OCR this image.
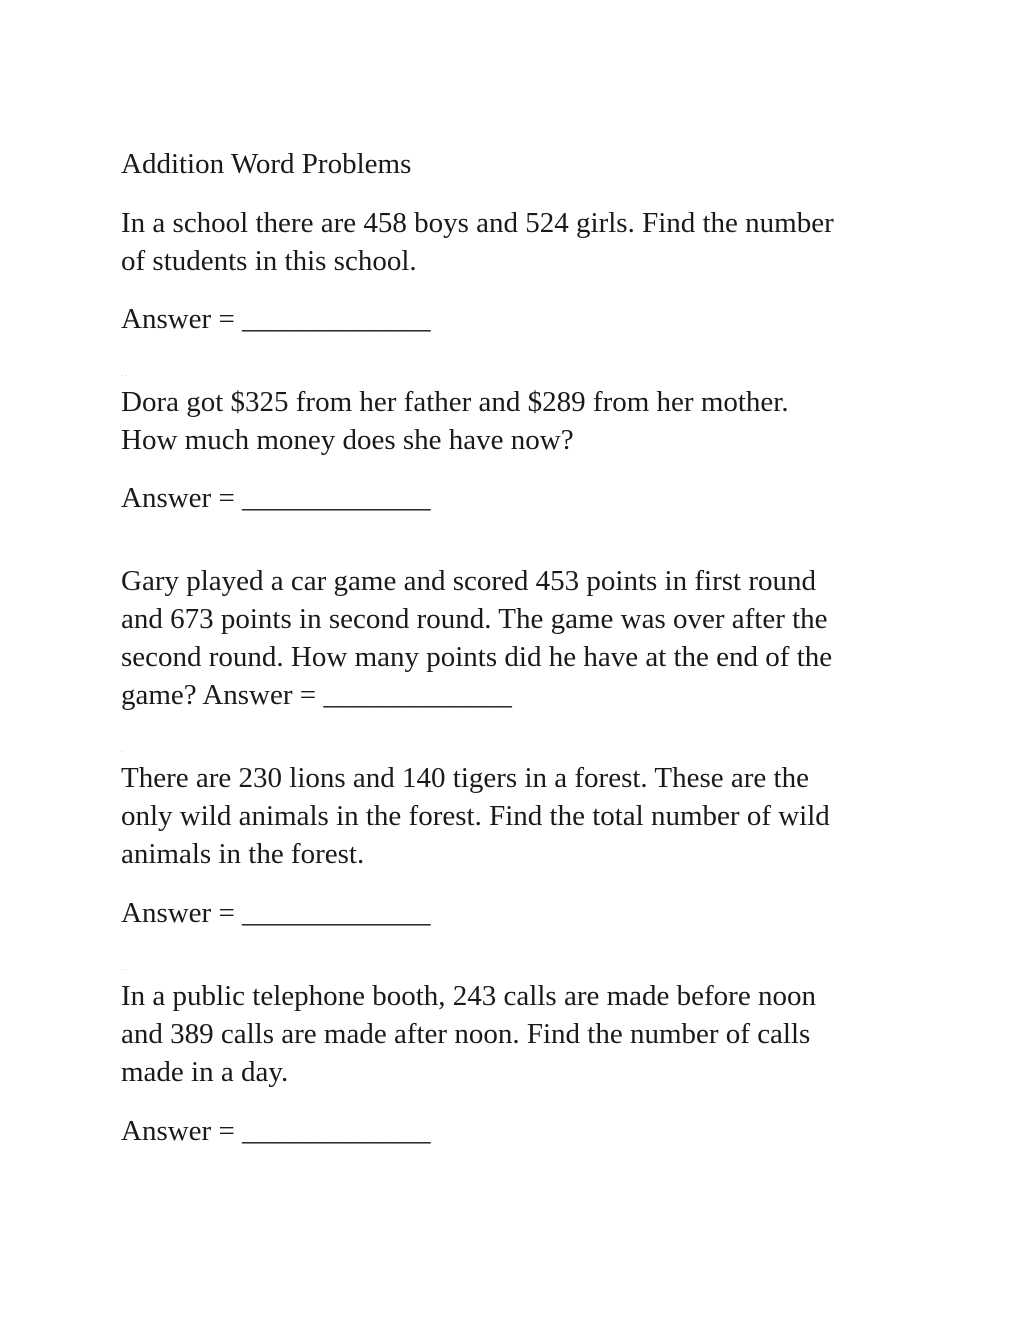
Addition Word Problems
In a school there are 458 boys and 524 girls. Find the number
of students in this school.
Answer = _____________
. .
Dora got $325 from her father and $289 from her mother.
How much money does she have now?
Answer = _____________
Gary played a car game and scored 453 points in first round
and 673 points in second round. The game was over after the
second round. How many points did he have at the end of the
game? Answer = _____________
.
There are 230 lions and 140 tigers in a forest. These are the
only wild animals in the forest. Find the total number of wild
animals in the forest.
Answer = _____________
. .
In a public telephone booth, 243 calls are made before noon
and 389 calls are made after noon. Find the number of calls
made in a day.
Answer = _____________
